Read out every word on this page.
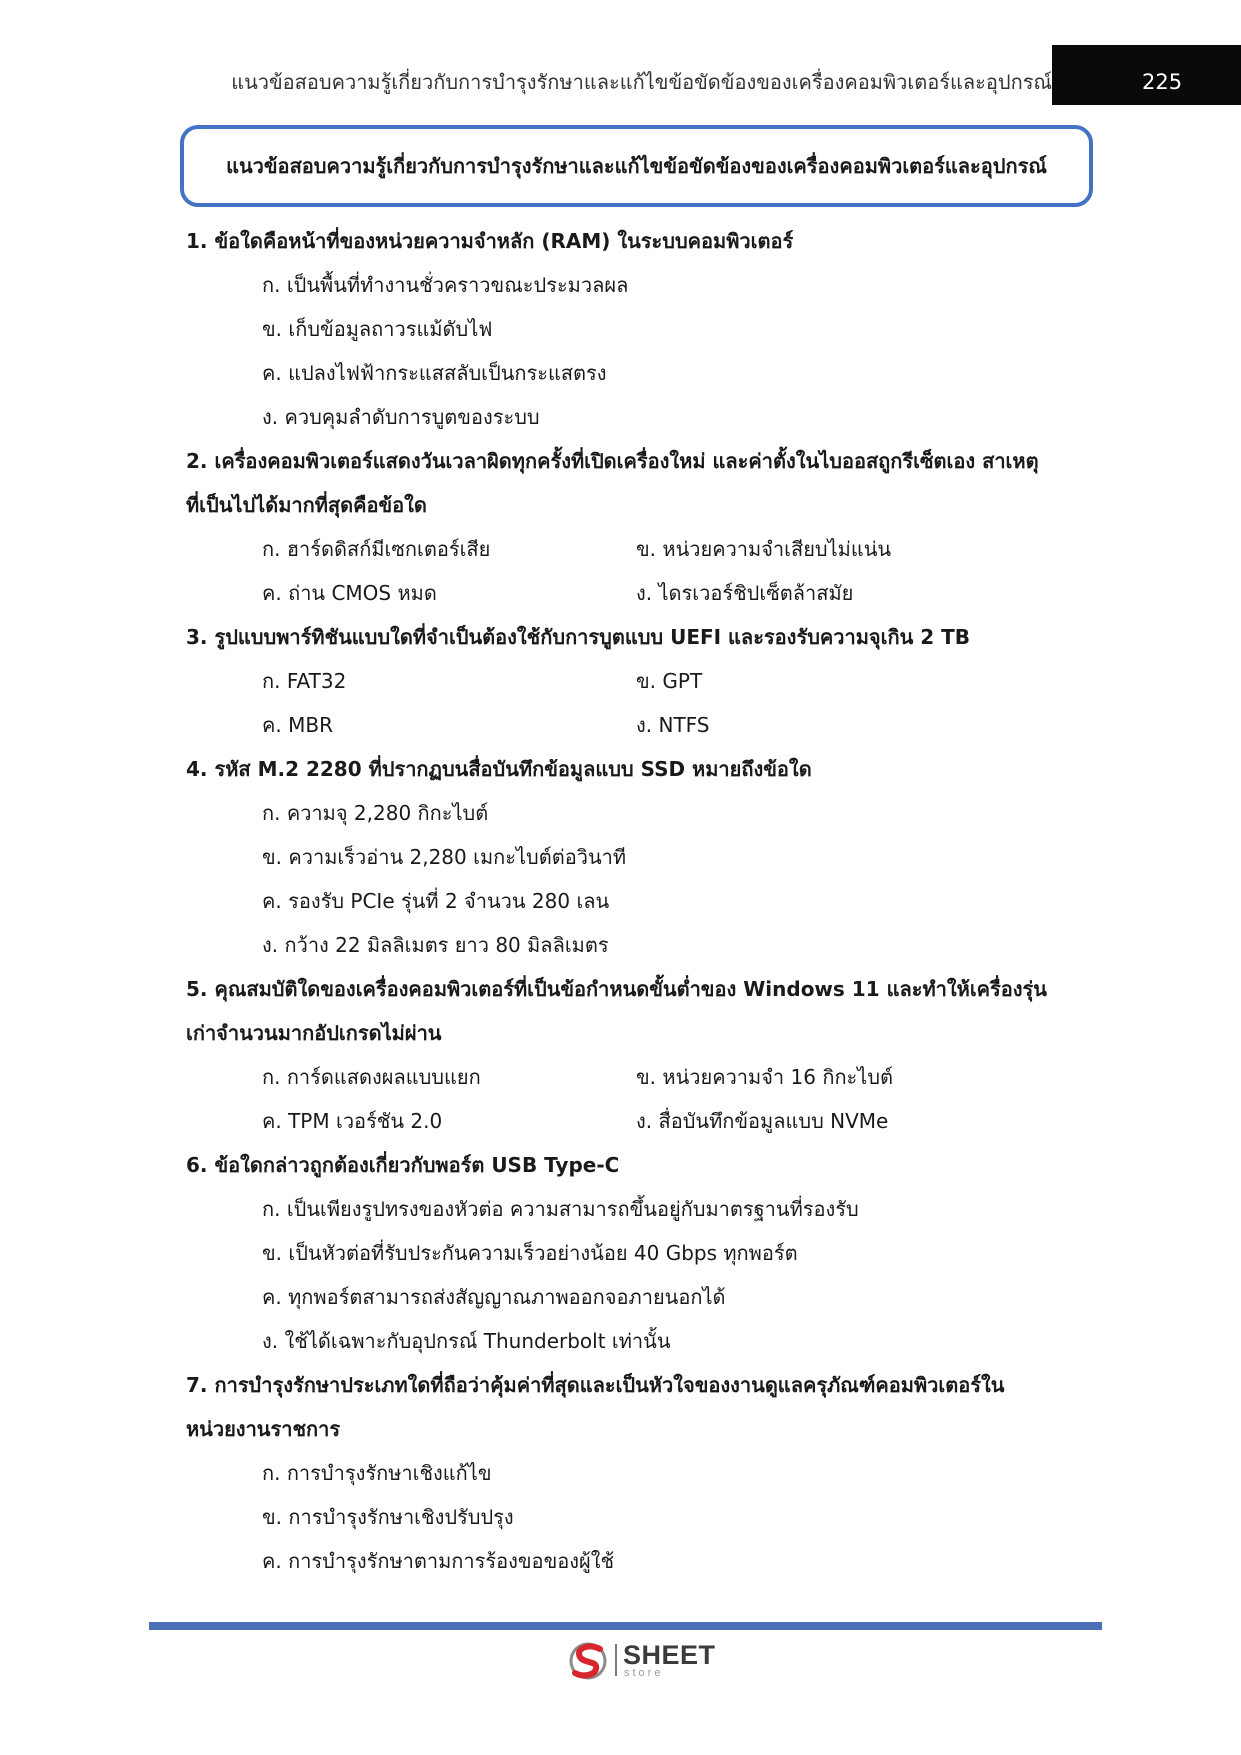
แนวข้อสอบความรู้เกี่ยวกับการบำรุงรักษาและแก้ไขข้อขัดข้องของเครื่องคอมพิวเตอร์และอุปกรณ์	225
แนวข้อสอบความรู้เกี่ยวกับการบำรุงรักษาและแก้ไขข้อขัดข้องของเครื่องคอมพิวเตอร์และอุปกรณ์
1. ข้อใดคือหน้าที่ของหน่วยความจำหลัก (RAM) ในระบบคอมพิวเตอร์
ก. เป็นพื้นที่ทำงานชั่วคราวขณะประมวลผล
ข. เก็บข้อมูลถาวรแม้ดับไฟ
ค. แปลงไฟฟ้ากระแสสลับเป็นกระแสตรง
ง. ควบคุมลำดับการบูตของระบบ
2. เครื่องคอมพิวเตอร์แสดงวันเวลาผิดทุกครั้งที่เปิดเครื่องใหม่ และค่าตั้งในไบออสถูกรีเซ็ตเอง สาเหตุ
ที่เป็นไปได้มากที่สุดคือข้อใด
ก. ฮาร์ดดิสก์มีเซกเตอร์เสีย	ข. หน่วยความจำเสียบไม่แน่น
ค. ถ่าน CMOS หมด	ง. ไดรเวอร์ชิปเซ็ตล้าสมัย
3. รูปแบบพาร์ทิชันแบบใดที่จำเป็นต้องใช้กับการบูตแบบ UEFI และรองรับความจุเกิน 2 TB
ก. FAT32	ข. GPT
ค. MBR	ง. NTFS
4. รหัส M.2 2280 ที่ปรากฏบนสื่อบันทึกข้อมูลแบบ SSD หมายถึงข้อใด
ก. ความจุ 2,280 กิกะไบต์
ข. ความเร็วอ่าน 2,280 เมกะไบต์ต่อวินาที
ค. รองรับ PCIe รุ่นที่ 2 จำนวน 280 เลน
ง. กว้าง 22 มิลลิเมตร ยาว 80 มิลลิเมตร
5. คุณสมบัติใดของเครื่องคอมพิวเตอร์ที่เป็นข้อกำหนดขั้นต่ำของ Windows 11 และทำให้เครื่องรุ่น
เก่าจำนวนมากอัปเกรดไม่ผ่าน
ก. การ์ดแสดงผลแบบแยก	ข. หน่วยความจำ 16 กิกะไบต์
ค. TPM เวอร์ชัน 2.0	ง. สื่อบันทึกข้อมูลแบบ NVMe
6. ข้อใดกล่าวถูกต้องเกี่ยวกับพอร์ต USB Type-C
ก. เป็นเพียงรูปทรงของหัวต่อ ความสามารถขึ้นอยู่กับมาตรฐานที่รองรับ
ข. เป็นหัวต่อที่รับประกันความเร็วอย่างน้อย 40 Gbps ทุกพอร์ต
ค. ทุกพอร์ตสามารถส่งสัญญาณภาพออกจอภายนอกได้
ง. ใช้ได้เฉพาะกับอุปกรณ์ Thunderbolt เท่านั้น
7. การบำรุงรักษาประเภทใดที่ถือว่าคุ้มค่าที่สุดและเป็นหัวใจของงานดูแลครุภัณฑ์คอมพิวเตอร์ใน
หน่วยงานราชการ
ก. การบำรุงรักษาเชิงแก้ไข
ข. การบำรุงรักษาเชิงปรับปรุง
ค. การบำรุงรักษาตามการร้องขอของผู้ใช้
SHEET
store
